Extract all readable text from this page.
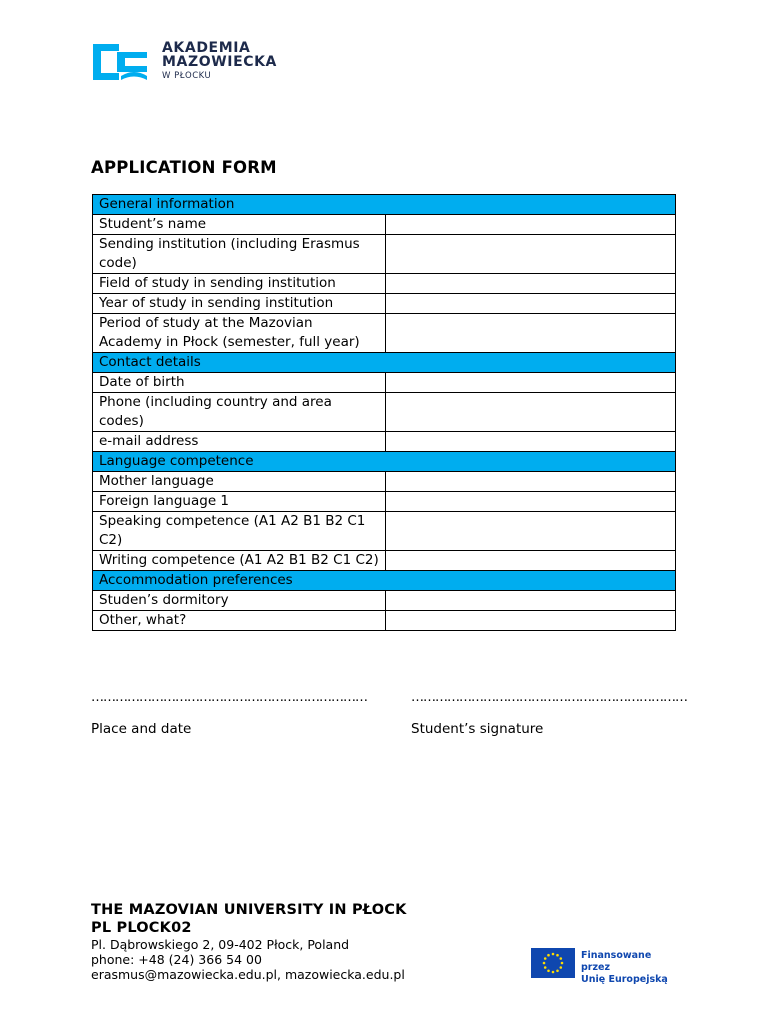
AKADEMIA
MAZOWIECKA
W PŁOCKU
APPLICATION FORM
General information	
Student’s name	
Sending institution (including Erasmus code)	
Field of study in sending institution	
Year of study in sending institution	
Period of study at the Mazovian Academy in Płock (semester, full year)	
Contact details	
Date of birth	
Phone (including country and area codes)	
e-mail address	
Language competence	
Mother language	
Foreign language 1	
Speaking competence (A1 A2 B1 B2 C1 C2)	
Writing competence (A1 A2 B1 B2 C1 C2)	
Accommodation preferences	
Studen’s dormitory	
Other, what?	
……………………………………………………………	……………………………………………………………
Place and date	Student’s signature
THE MAZOVIAN UNIVERSITY IN PŁOCK
PL PLOCK02
Pl. Dąbrowskiego 2, 09-402 Płock, Poland
phone: +48 (24) 366 54 00
erasmus@mazowiecka.edu.pl, mazowiecka.edu.pl
Finansowane przez
Unię Europejską
